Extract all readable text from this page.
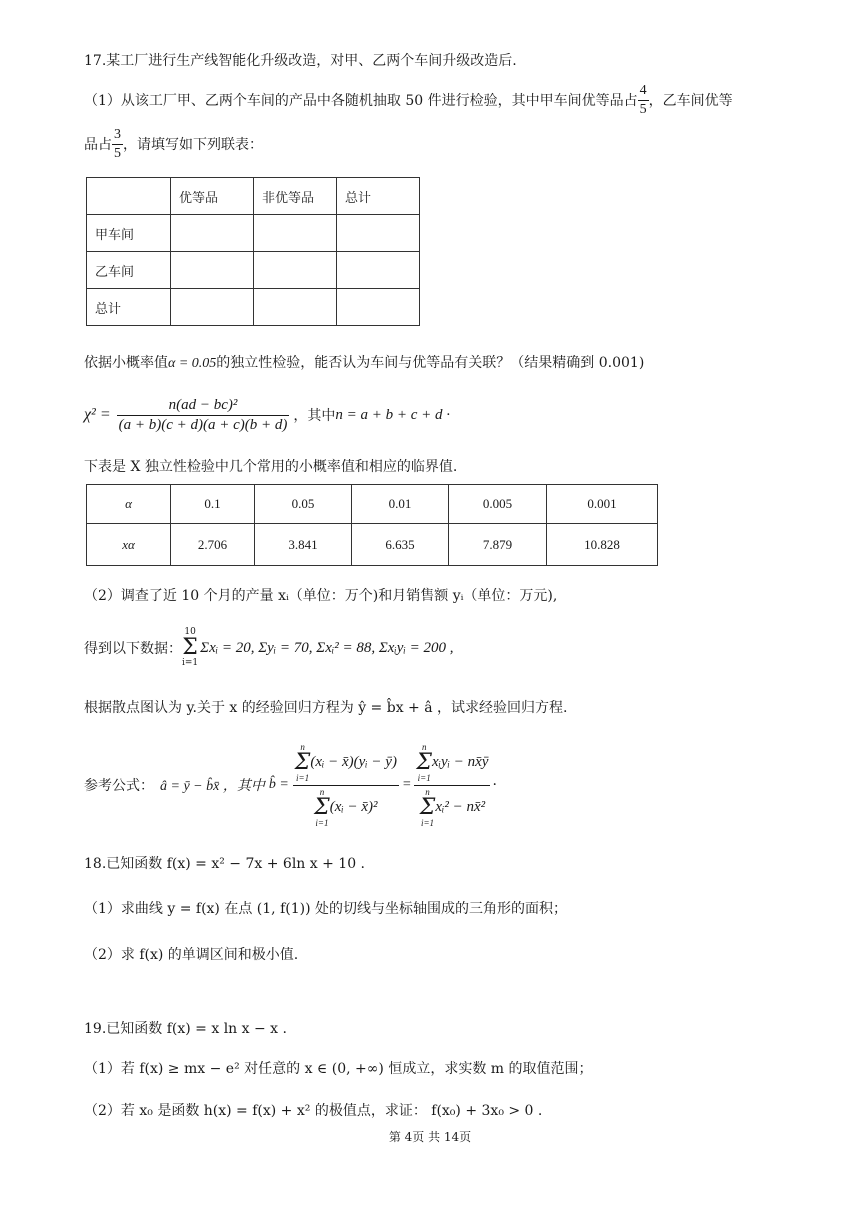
17.某工厂进行生产线智能化升级改造，对甲、乙两个车间升级改造后.
（1）从该工厂甲、乙两个车间的产品中各随机抽取 50 件进行检验，其中甲车间优等品占 $\frac{4}{5}$ ，乙车间优等
品占 $\frac{3}{5}$ ，请填写如下列联表：
	优等品	非优等品	总计
甲车间			
乙车间			
总计			
依据小概率值α = 0.05的独立性检验，能否认为车间与优等品有关联？（结果精确到 0.001)
$\chi^2 = \frac{\text{n(ad − bc)²}}{(a + b)(c + d)(a + c)(b + d)}$ ，其中 n = a + b + c + d ·
下表是 X 独立性检验中几个常用的小概率值和相应的临界值.
α	0.1	0.05	0.01	0.005	0.001
xα	2.706	3.841	6.635	7.879	10.828
（2）调查了近 10 个月的产量 xᵢ（单位：万个)和月销售额 yᵢ（单位：万元),
得到以下数据：
10
Σ
i=1
Σxᵢ = 20, Σyᵢ = 70, Σxᵢ² = 88, Σxᵢyᵢ = 200 ,
根据散点图认为 y.关于 x 的经验回归方程为 ŷ = b̂x + â ，试求经验回归方程.
参考公式： â = ȳ − b̂x̄ ，其中 b̂ = n
Σ
i=1
(xᵢ − x̄)(yᵢ − ȳ)
n
Σ
i=1
(xᵢ − x̄)² = n
Σ
i=1
xᵢyᵢ − nx̄ȳ
n
Σ
i=1
xᵢ² − nx̄² ·
18.已知函数 f(x) = x² − 7x + 6ln x + 10 .
（1）求曲线 y = f(x) 在点 (1, f(1)) 处的切线与坐标轴围成的三角形的面积；
（2）求 f(x) 的单调区间和极小值.
19.已知函数 f(x) = x ln x − x .
（1）若 f(x) ≥ mx − e² 对任意的 x ∈ (0, +∞) 恒成立，求实数 m 的取值范围；
（2）若 x₀ 是函数 h(x) = f(x) + x² 的极值点，求证： f(x₀) + 3x₀ > 0 .
第 4页 共 14页
